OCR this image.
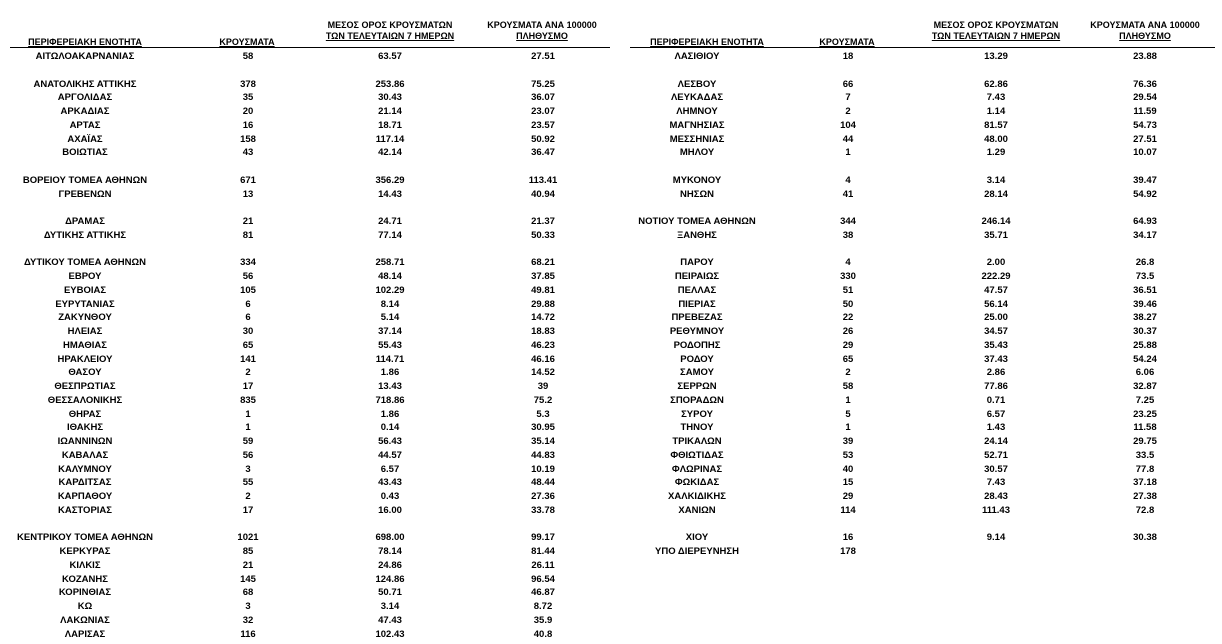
ΠΕΡΙΦΕΡΕΙΑΚΗ ΕΝΟΤΗΤΑ	ΚΡΟΥΣΜΑΤΑ
ΜΕΣΟΣ ΟΡΟΣ ΚΡΟΥΣΜΑΤΩΝ
ΤΩΝ ΤΕΛΕΥΤΑΙΩΝ 7 ΗΜΕΡΩΝ
ΚΡΟΥΣΜΑΤΑ ΑΝΑ 100000
ΠΛΗΘΥΣΜΟ
ΠΕΡΙΦΕΡΕΙΑΚΗ ΕΝΟΤΗΤΑ	ΚΡΟΥΣΜΑΤΑ
ΜΕΣΟΣ ΟΡΟΣ ΚΡΟΥΣΜΑΤΩΝ
ΤΩΝ ΤΕΛΕΥΤΑΙΩΝ 7 ΗΜΕΡΩΝ
ΚΡΟΥΣΜΑΤΑ ΑΝΑ 100000
ΠΛΗΘΥΣΜΟ
ΑΙΤΩΛΟΑΚΑΡΝΑΝΙΑΣ	58	63.57	27.51
ΑΝΑΤΟΛΙΚΗΣ ΑΤΤΙΚΗΣ	378	253.86	75.25
ΑΡΓΟΛΙΔΑΣ	35	30.43	36.07
ΑΡΚΑΔΙΑΣ	20	21.14	23.07
ΑΡΤΑΣ	16	18.71	23.57
ΑΧΑΪΑΣ	158	117.14	50.92
ΒΟΙΩΤΙΑΣ	43	42.14	36.47
ΒΟΡΕΙΟΥ ΤΟΜΕΑ ΑΘΗΝΩΝ	671	356.29	113.41
ΓΡΕΒΕΝΩΝ	13	14.43	40.94
ΔΡΑΜΑΣ	21	24.71	21.37
ΔΥΤΙΚΗΣ ΑΤΤΙΚΗΣ	81	77.14	50.33
ΔΥΤΙΚΟΥ ΤΟΜΕΑ ΑΘΗΝΩΝ	334	258.71	68.21
ΕΒΡΟΥ	56	48.14	37.85
ΕΥΒΟΙΑΣ	105	102.29	49.81
ΕΥΡΥΤΑΝΙΑΣ	6	8.14	29.88
ΖΑΚΥΝΘΟΥ	6	5.14	14.72
ΗΛΕΙΑΣ	30	37.14	18.83
ΗΜΑΘΙΑΣ	65	55.43	46.23
ΗΡΑΚΛΕΙΟΥ	141	114.71	46.16
ΘΑΣΟΥ	2	1.86	14.52
ΘΕΣΠΡΩΤΙΑΣ	17	13.43	39
ΘΕΣΣΑΛΟΝΙΚΗΣ	835	718.86	75.2
ΘΗΡΑΣ	1	1.86	5.3
ΙΘΑΚΗΣ	1	0.14	30.95
ΙΩΑΝΝΙΝΩΝ	59	56.43	35.14
ΚΑΒΑΛΑΣ	56	44.57	44.83
ΚΑΛΥΜΝΟΥ	3	6.57	10.19
ΚΑΡΔΙΤΣΑΣ	55	43.43	48.44
ΚΑΡΠΑΘΟΥ	2	0.43	27.36
ΚΑΣΤΟΡΙΑΣ	17	16.00	33.78
ΚΕΝΤΡΙΚΟΥ ΤΟΜΕΑ ΑΘΗΝΩΝ	1021	698.00	99.17
ΚΕΡΚΥΡΑΣ	85	78.14	81.44
ΚΙΛΚΙΣ	21	24.86	26.11
ΚΟΖΑΝΗΣ	145	124.86	96.54
ΚΟΡΙΝΘΙΑΣ	68	50.71	46.87
ΚΩ	3	3.14	8.72
ΛΑΚΩΝΙΑΣ	32	47.43	35.9
ΛΑΡΙΣΑΣ	116	102.43	40.8
ΛΑΣΙΘΙΟΥ	18	13.29	23.88
ΛΕΣΒΟΥ	66	62.86	76.36
ΛΕΥΚΑΔΑΣ	7	7.43	29.54
ΛΗΜΝΟΥ	2	1.14	11.59
ΜΑΓΝΗΣΙΑΣ	104	81.57	54.73
ΜΕΣΣΗΝΙΑΣ	44	48.00	27.51
ΜΗΛΟΥ	1	1.29	10.07
ΜΥΚΟΝΟΥ	4	3.14	39.47
ΝΗΣΩΝ	41	28.14	54.92
ΝΟΤΙΟΥ ΤΟΜΕΑ ΑΘΗΝΩΝ	344	246.14	64.93
ΞΑΝΘΗΣ	38	35.71	34.17
ΠΑΡΟΥ	4	2.00	26.8
ΠΕΙΡΑΙΩΣ	330	222.29	73.5
ΠΕΛΛΑΣ	51	47.57	36.51
ΠΙΕΡΙΑΣ	50	56.14	39.46
ΠΡΕΒΕΖΑΣ	22	25.00	38.27
ΡΕΘΥΜΝΟΥ	26	34.57	30.37
ΡΟΔΟΠΗΣ	29	35.43	25.88
ΡΟΔΟΥ	65	37.43	54.24
ΣΑΜΟΥ	2	2.86	6.06
ΣΕΡΡΩΝ	58	77.86	32.87
ΣΠΟΡΑΔΩΝ	1	0.71	7.25
ΣΥΡΟΥ	5	6.57	23.25
ΤΗΝΟΥ	1	1.43	11.58
ΤΡΙΚΑΛΩΝ	39	24.14	29.75
ΦΘΙΩΤΙΔΑΣ	53	52.71	33.5
ΦΛΩΡΙΝΑΣ	40	30.57	77.8
ΦΩΚΙΔΑΣ	15	7.43	37.18
ΧΑΛΚΙΔΙΚΗΣ	29	28.43	27.38
ΧΑΝΙΩΝ	114	111.43	72.8
ΧΙΟΥ	16	9.14	30.38
ΥΠΟ ΔΙΕΡΕΥΝΗΣΗ	178
